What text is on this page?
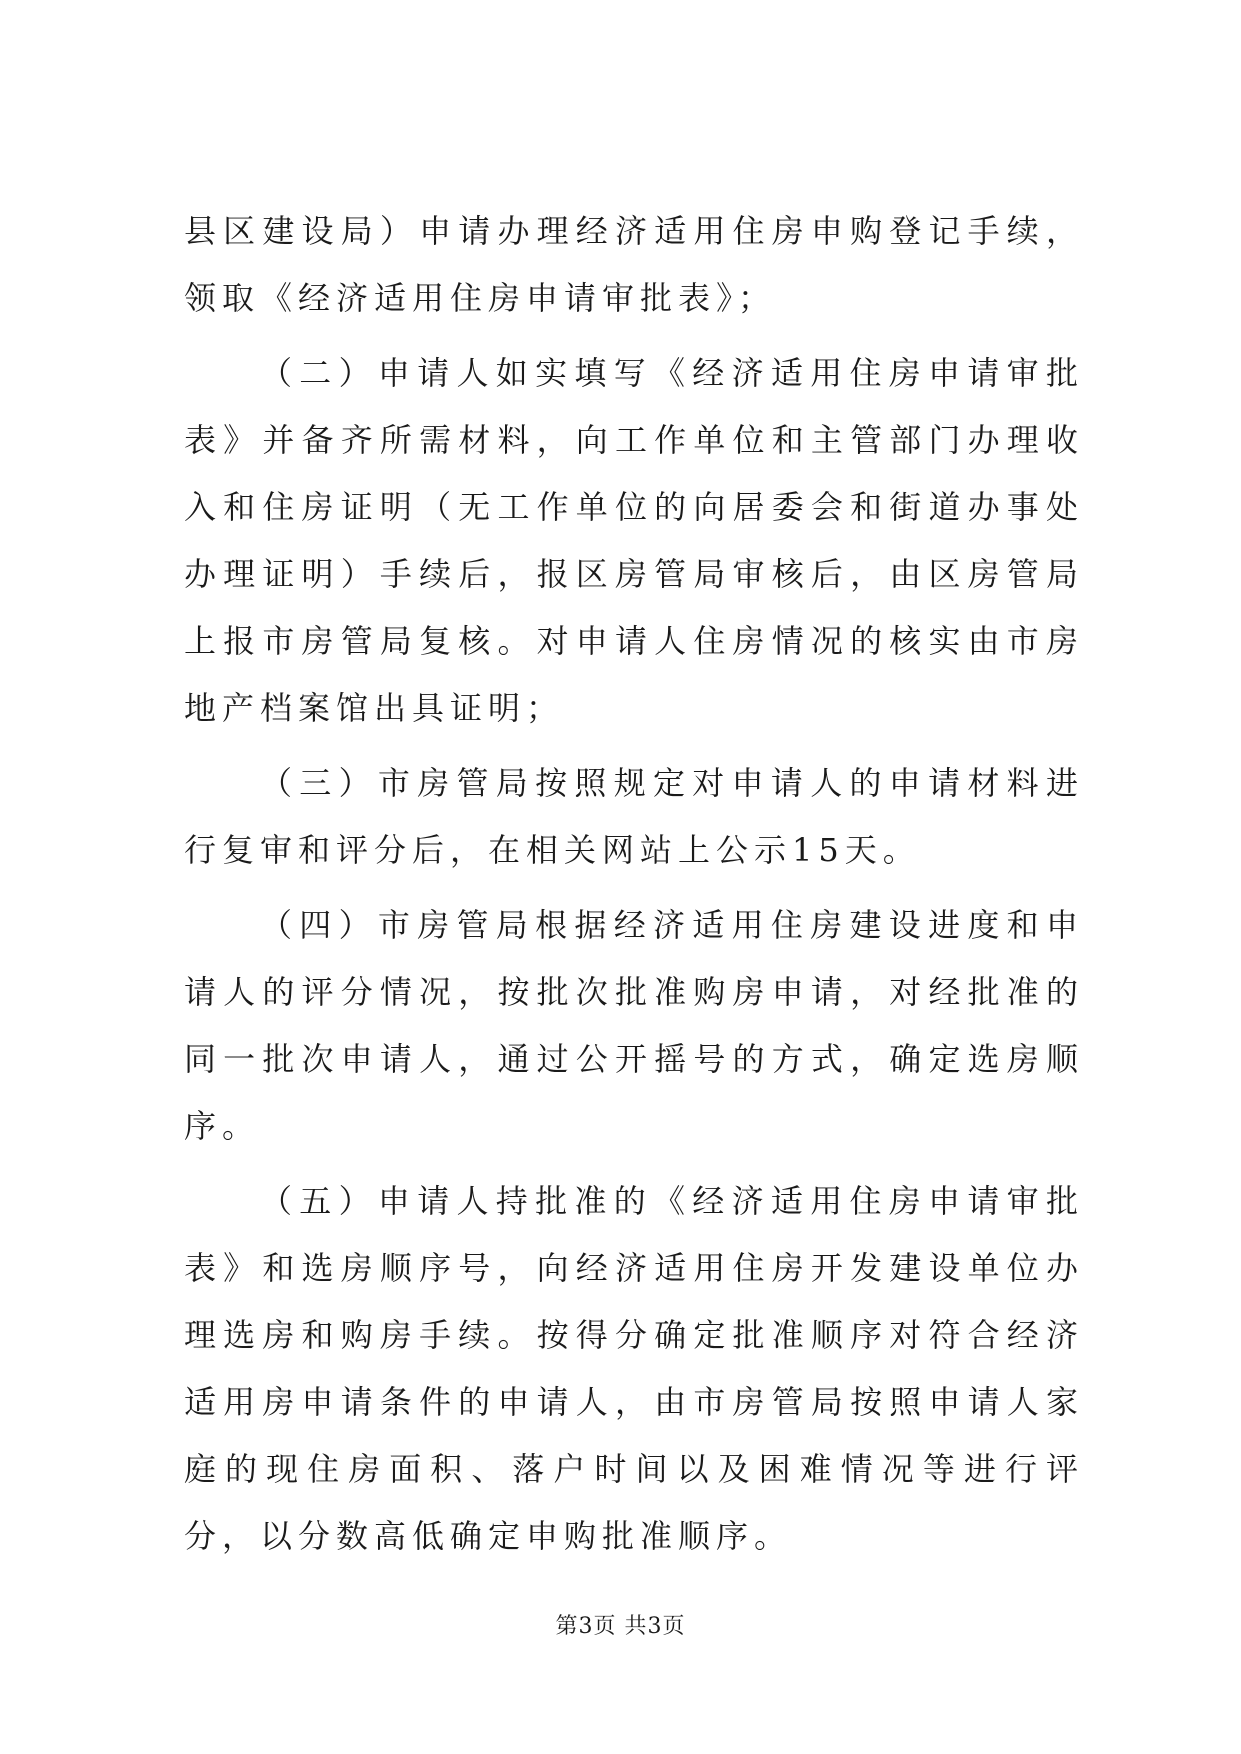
县区建设局）申请办理经济适用住房申购登记手续，领取《经济适用住房申请审批表》；

（二）申请人如实填写《经济适用住房申请审批表》并备齐所需材料，向工作单位和主管部门办理收入和住房证明（无工作单位的向居委会和街道办事处办理证明）手续后，报区房管局审核后，由区房管局上报市房管局复核。对申请人住房情况的核实由市房地产档案馆出具证明；

（三）市房管局按照规定对申请人的申请材料进行复审和评分后，在相关网站上公示15天。

（四）市房管局根据经济适用住房建设进度和申请人的评分情况，按批次批准购房申请，对经批准的同一批次申请人，通过公开摇号的方式，确定选房顺序。

（五）申请人持批准的《经济适用住房申请审批表》和选房顺序号，向经济适用住房开发建设单位办理选房和购房手续。按得分确定批准顺序对符合经济适用房申请条件的申请人，由市房管局按照申请人家庭的现住房面积、落户时间以及困难情况等进行评分，以分数高低确定申购批准顺序。

第3页 共3页
